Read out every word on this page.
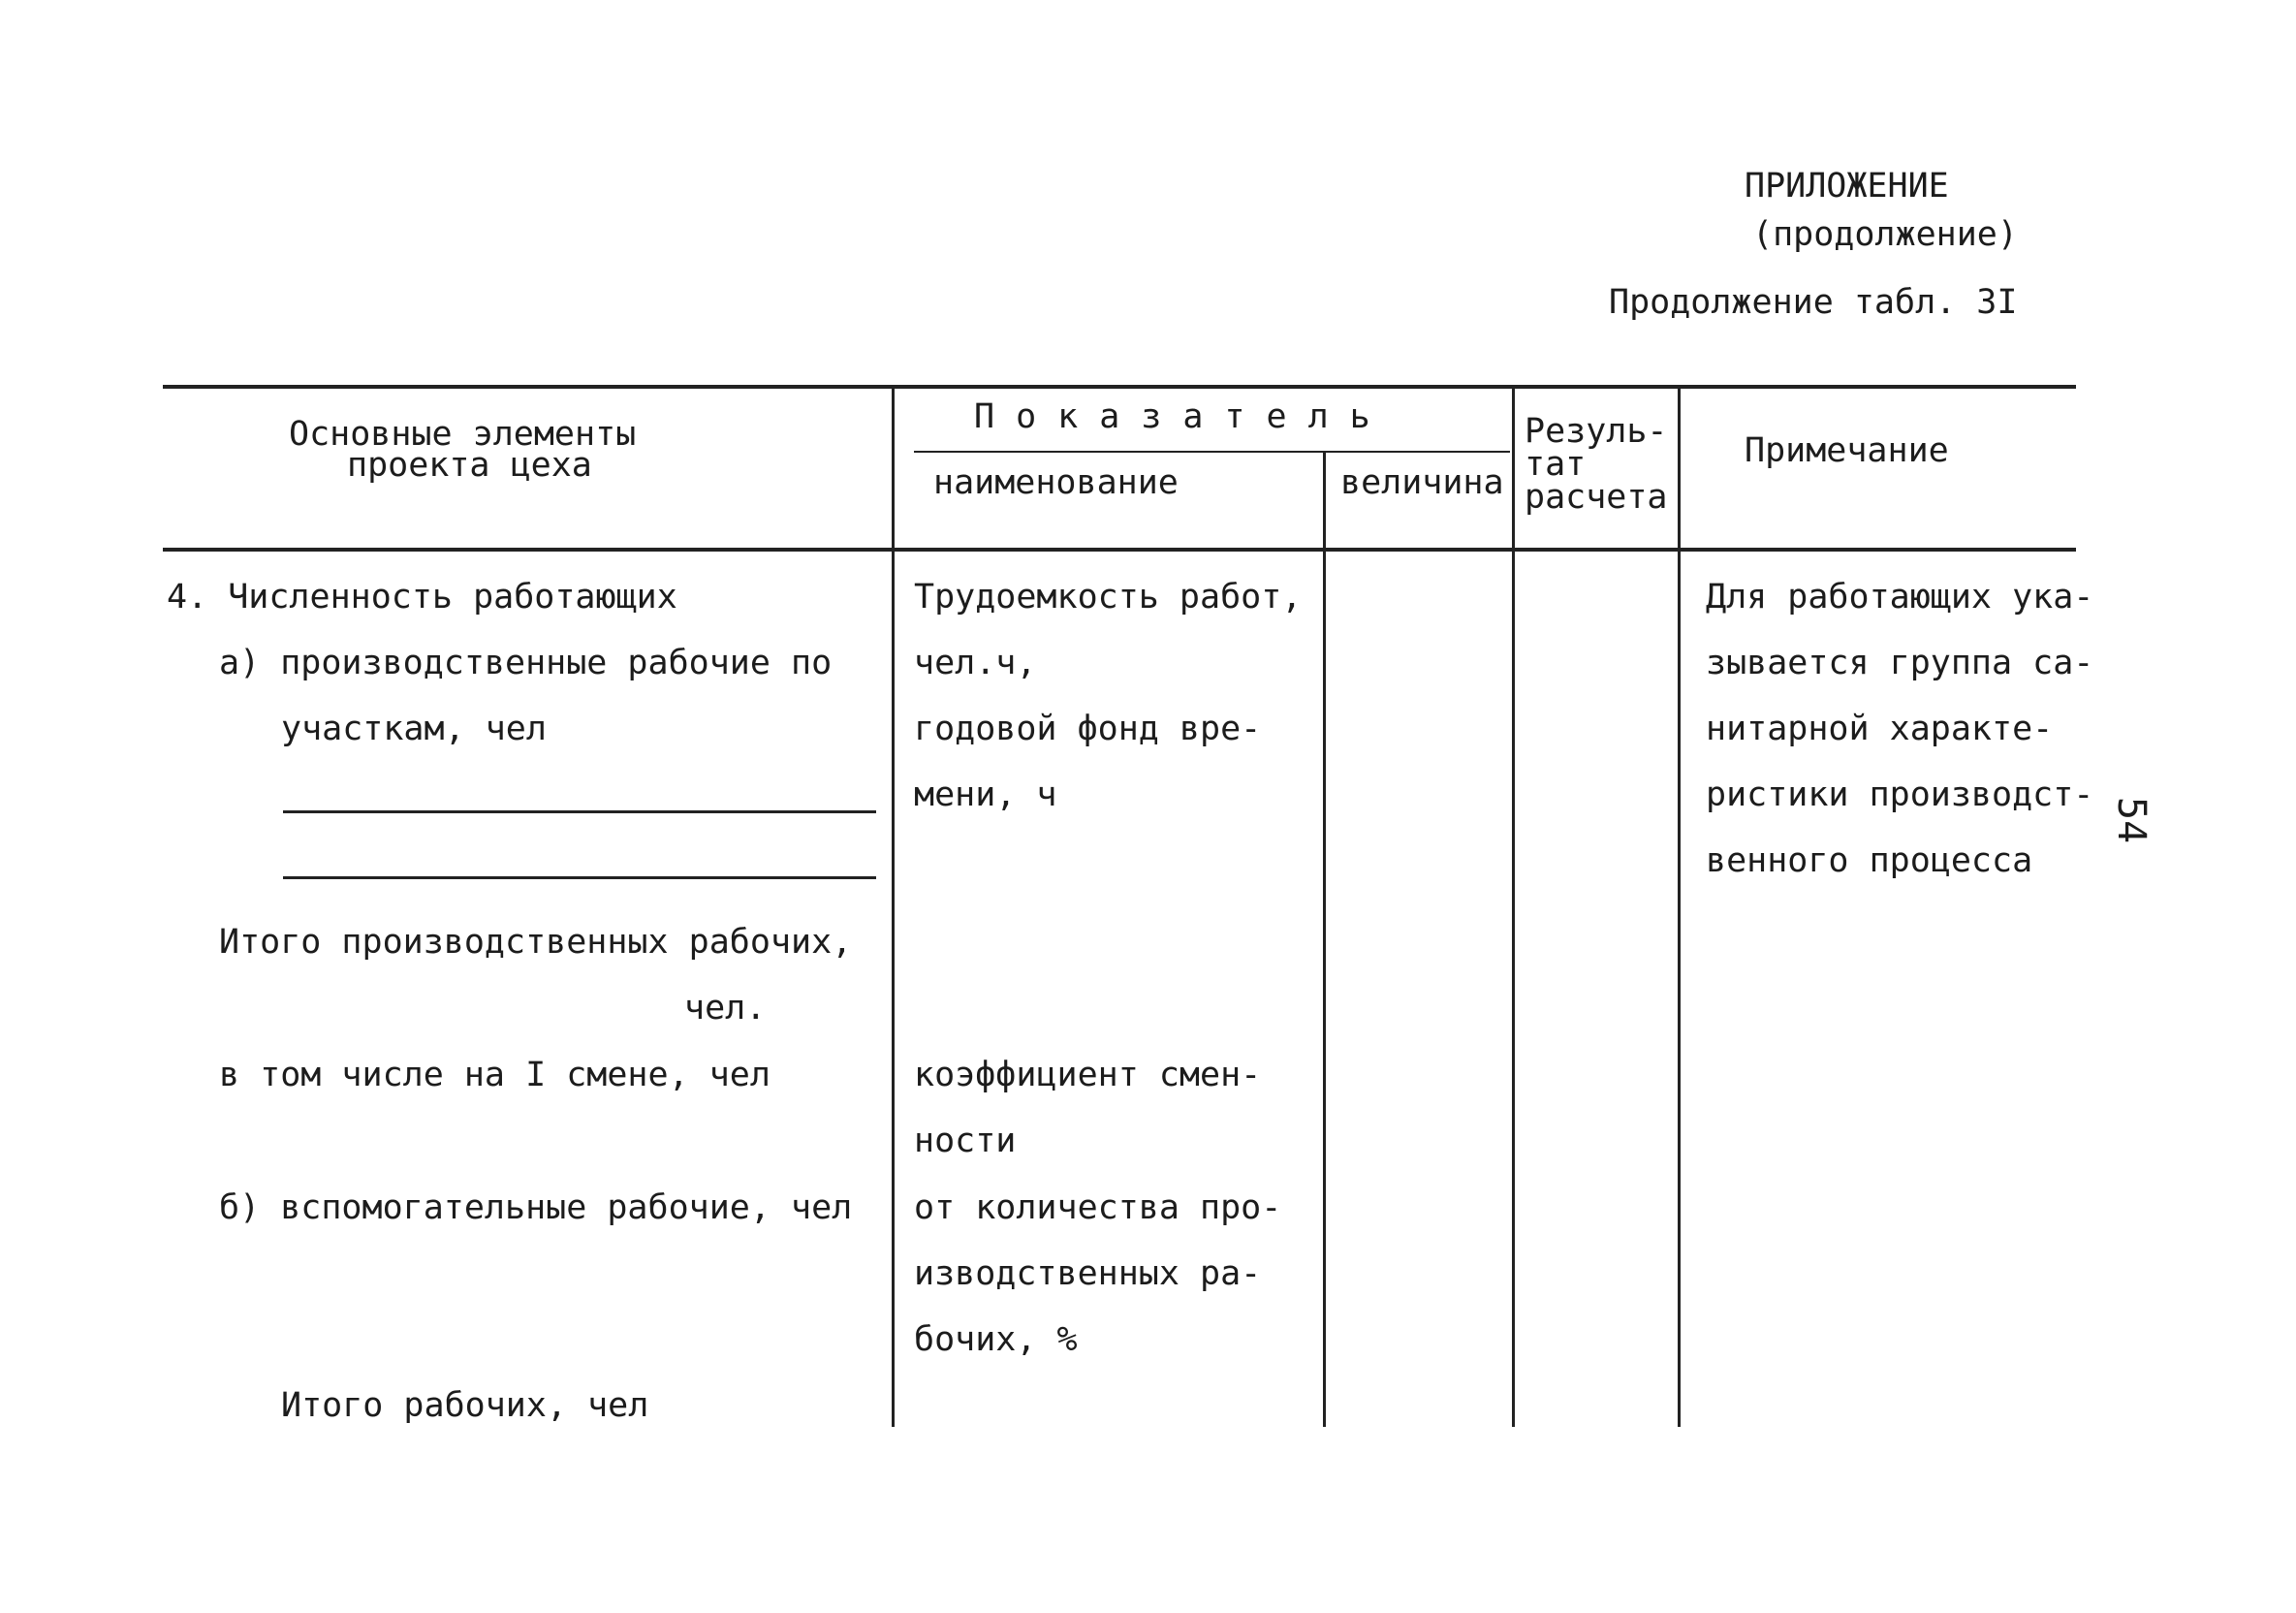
ПРИЛОЖЕНИЕ
(продолжение)
Продолжение табл. 3I
Основные элементы
проекта цеха
Показатель
наименование	величина
Резуль-
тат
расчета
Примечание
4. Численность работающих
а) производственные рабочие по
участкам, чел
Итого производственных рабочих,
чел.
в том числе на I смене, чел
б) вспомогательные рабочие, чел
Итого рабочих, чел
Трудоемкость работ,
чел.ч,
годовой фонд вре-
мени, ч
коэффициент смен-
ности
от количества про-
изводственных ра-
бочих, %
Для работающих ука-
зывается группа са-
нитарной характе-
ристики производст-
венного процесса
54
